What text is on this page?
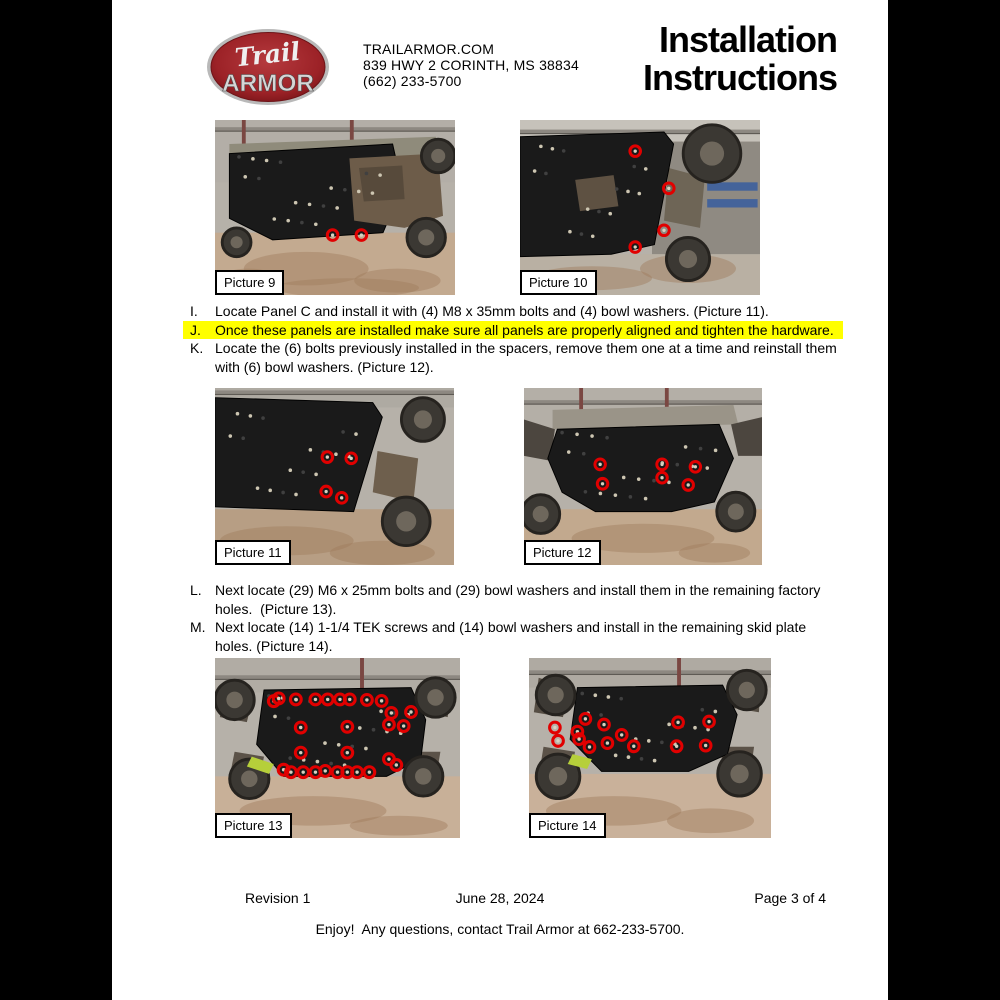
Trail
ARMOR
TRAILARMOR.COM
839 HWY 2 CORINTH, MS 38834
(662) 233-5700
Installation
Instructions
Picture 9	Picture 10
Picture 11	Picture 12
Picture 13	Picture 14
I.	Locate Panel C and install it with (4) M8 x 35mm bolts and (4) bowl washers. (Picture 11).
J.	Once these panels are installed make sure all panels are properly aligned and tighten the hardware.
K. Locate the (6) bolts previously installed in the spacers, remove them one at a time and reinstall them with (6) bowl washers. (Picture 12).
L. Next locate (29) M6 x 25mm bolts and (29) bowl washers and install them in the remaining factory holes.  (Picture 13).
M. Next locate (14) 1-1/4 TEK screws and (14) bowl washers and install in the remaining skid plate holes. (Picture 14).
Revision 1	June 28, 2024	Page 3 of 4
Enjoy!  Any questions, contact Trail Armor at 662-233-5700.
